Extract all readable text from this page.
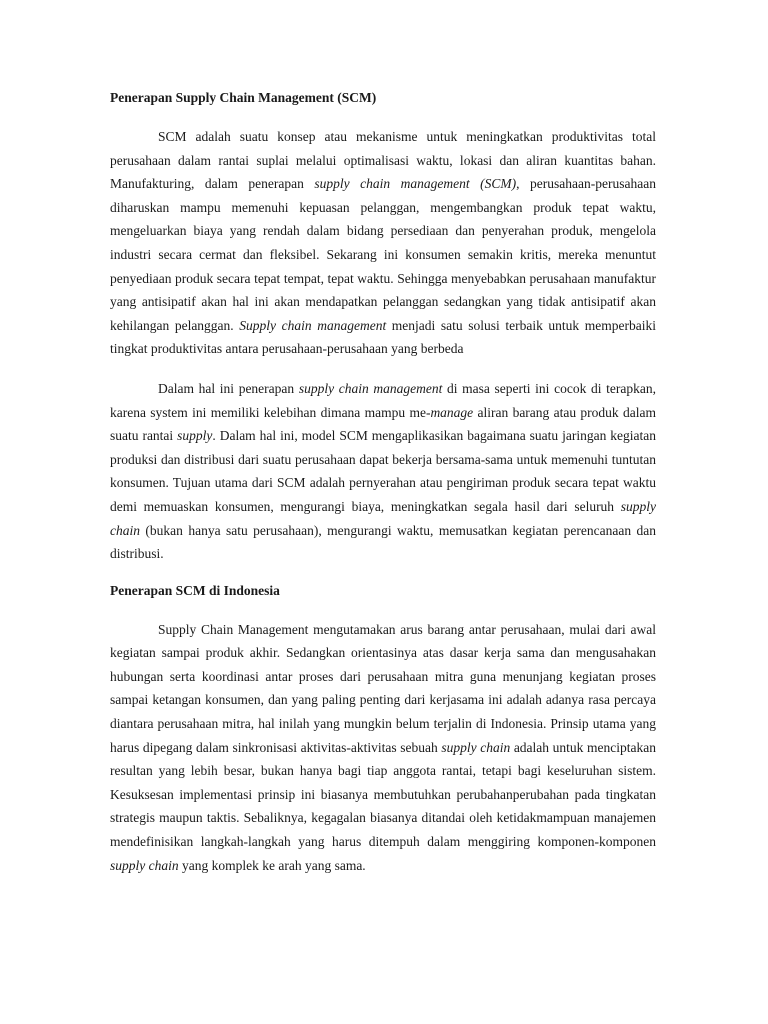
Penerapan Supply Chain Management (SCM)

SCM adalah suatu konsep atau mekanisme untuk meningkatkan produktivitas total perusahaan dalam rantai suplai melalui optimalisasi waktu, lokasi dan aliran kuantitas bahan. Manufakturing, dalam penerapan supply chain management (SCM), perusahaan-perusahaan diharuskan mampu memenuhi kepuasan pelanggan, mengembangkan produk tepat waktu, mengeluarkan biaya yang rendah dalam bidang persediaan dan penyerahan produk, mengelola industri secara cermat dan fleksibel. Sekarang ini konsumen semakin kritis, mereka menuntut penyediaan produk secara tepat tempat, tepat waktu. Sehingga menyebabkan perusahaan manufaktur yang antisipatif akan hal ini akan mendapatkan pelanggan sedangkan yang tidak antisipatif akan kehilangan pelanggan. Supply chain management menjadi satu solusi terbaik untuk memperbaiki tingkat produktivitas antara perusahaan-perusahaan yang berbeda

Dalam hal ini penerapan supply chain management di masa seperti ini cocok di terapkan, karena system ini memiliki kelebihan dimana mampu me-manage aliran barang atau produk dalam suatu rantai supply. Dalam hal ini, model SCM mengaplikasikan bagaimana suatu jaringan kegiatan produksi dan distribusi dari suatu perusahaan dapat bekerja bersama-sama untuk memenuhi tuntutan konsumen. Tujuan utama dari SCM adalah pernyerahan atau pengiriman produk secara tepat waktu demi memuaskan konsumen, mengurangi biaya, meningkatkan segala hasil dari seluruh supply chain (bukan hanya satu perusahaan), mengurangi waktu, memusatkan kegiatan perencanaan dan distribusi.

Penerapan SCM di Indonesia

Supply Chain Management mengutamakan arus barang antar perusahaan, mulai dari awal kegiatan sampai produk akhir. Sedangkan orientasinya atas dasar kerja sama dan mengusahakan hubungan serta koordinasi antar proses dari perusahaan mitra guna menunjang kegiatan proses sampai ketangan konsumen, dan yang paling penting dari kerjasama ini adalah adanya rasa percaya diantara perusahaan mitra, hal inilah yang mungkin belum terjalin di Indonesia. Prinsip utama yang harus dipegang dalam sinkronisasi aktivitas-aktivitas sebuah supply chain adalah untuk menciptakan resultan yang lebih besar, bukan hanya bagi tiap anggota rantai, tetapi bagi keseluruhan sistem. Kesuksesan implementasi prinsip ini biasanya membutuhkan perubahanperubahan pada tingkatan strategis maupun taktis. Sebaliknya, kegagalan biasanya ditandai oleh ketidakmampuan manajemen mendefinisikan langkah-langkah yang harus ditempuh dalam menggiring komponen-komponen supply chain yang komplek ke arah yang sama.
